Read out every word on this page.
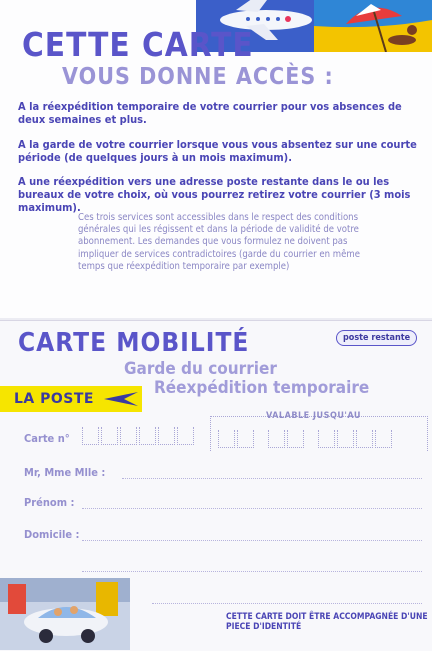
CETTE CARTE
VOUS DONNE ACCÈS :

A la réexpédition temporaire de votre courrier pour vos absences de deux semaines et plus.

A la garde de votre courrier lorsque vous vous absentez sur une courte période (de quelques jours à un mois maximum).

A une réexpédition vers une adresse poste restante dans le ou les bureaux de votre choix, où vous pourrez retirez votre courrier (3 mois maximum).

Ces trois services sont accessibles dans le respect des conditions générales qui les régissent et dans la période de validité de votre abonnement. Les demandes que vous formulez ne doivent pas impliquer de services contradictoires (garde du courrier en même temps que réexpédition temporaire par exemple)

CARTE MOBILITÉ	poste restante
Garde du courrier
Réexpédition temporaire
LA POSTE
VALABLE JUSQU'AU
Carte n°
Mr, Mme Mlle :
Prénom :
Domicile :

CETTE CARTE DOIT ÊTRE ACCOMPAGNÉE D'UNE PIECE D'IDENTITÉ
